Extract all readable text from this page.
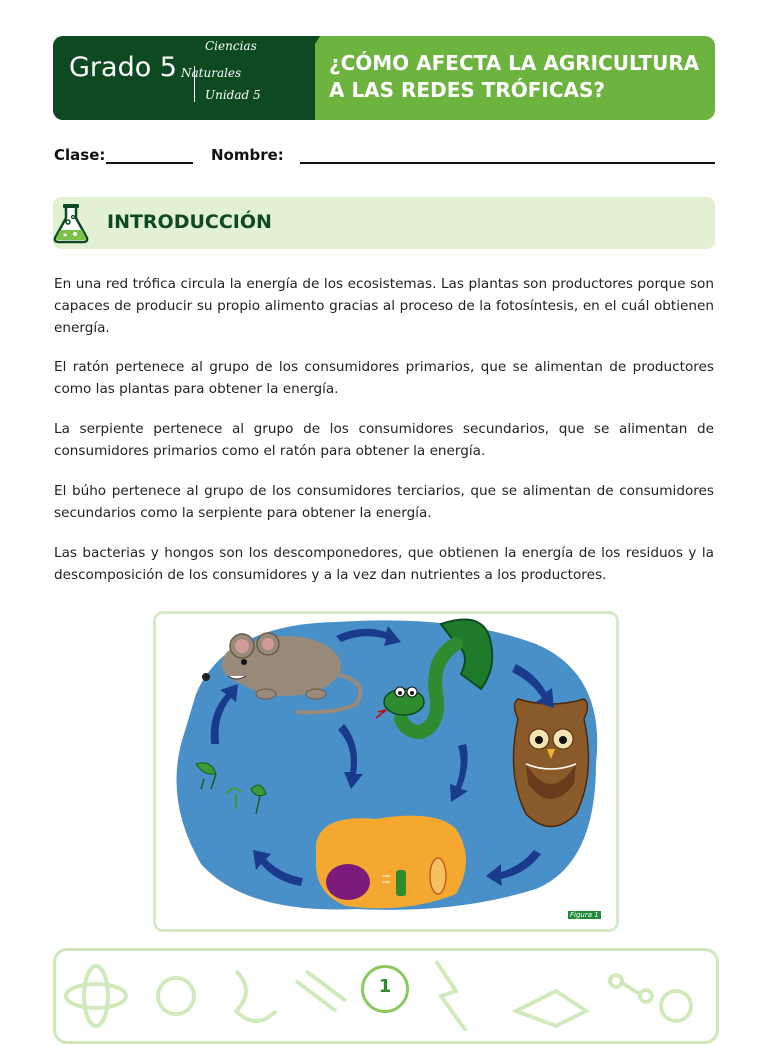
Grado 5
Ciencias
Naturales
Unidad 5
¿CÓMO AFECTA LA AGRICULTURA
A LAS REDES TRÓFICAS?
Clase:	Nombre:
INTRODUCCIÓN
En una red trófica circula la energía de los ecosistemas. Las plantas son productores porque son capaces de producir su propio alimento gracias al proceso de la fotosíntesis, en el cuál obtienen energía.
El ratón pertenece al grupo de los consumidores primarios, que se alimentan de productores como las plantas para obtener la energía.
La serpiente pertenece al grupo de los consumidores secundarios, que se alimentan de consumidores primarios como el ratón para obtener la energía.
El búho pertenece al grupo de los consumidores terciarios, que se alimentan de consumidores secundarios como la serpiente para obtener la energía.
Las bacterias y hongos son los descomponedores, que obtienen la energía de los residuos y la descomposición de los consumidores y a la vez dan nutrientes a los productores.
Figura 1
1
